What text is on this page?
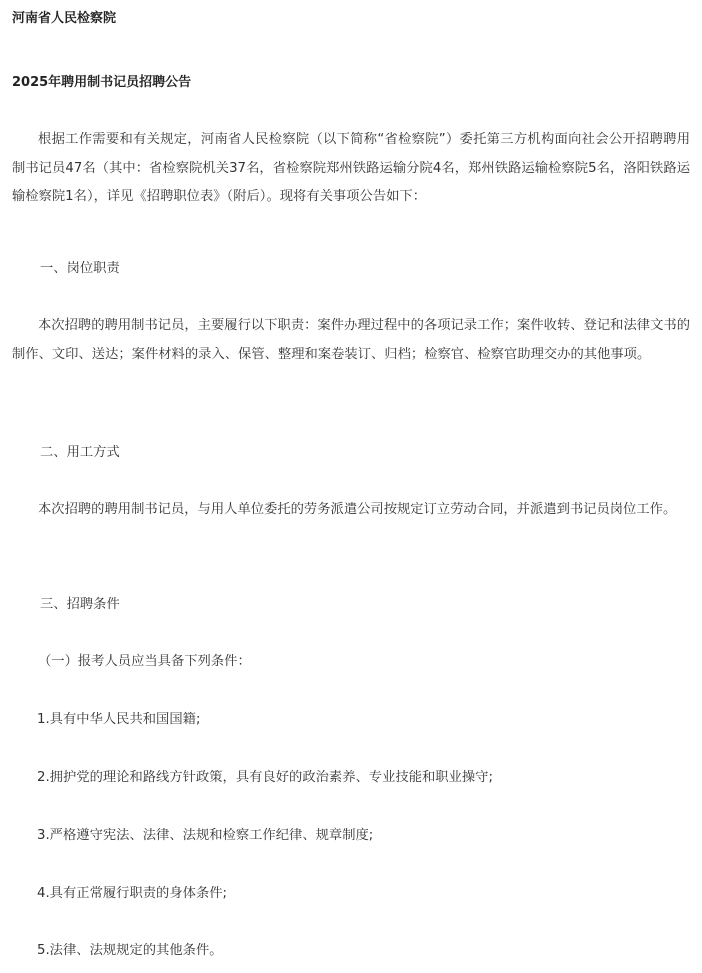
河南省人民检察院
2025年聘用制书记员招聘公告
根据工作需要和有关规定，河南省人民检察院（以下简称“省检察院”）委托第三方机构面向社会公开招聘聘用制书记员47名（其中：省检察院机关37名，省检察院郑州铁路运输分院4名，郑州铁路运输检察院5名，洛阳铁路运输检察院1名），详见《招聘职位表》（附后）。现将有关事项公告如下：
一、岗位职责
本次招聘的聘用制书记员，主要履行以下职责：案件办理过程中的各项记录工作；案件收转、登记和法律文书的制作、文印、送达；案件材料的录入、保管、整理和案卷装订、归档；检察官、检察官助理交办的其他事项。
二、用工方式
本次招聘的聘用制书记员，与用人单位委托的劳务派遣公司按规定订立劳动合同，并派遣到书记员岗位工作。
三、招聘条件
（一）报考人员应当具备下列条件：
1.具有中华人民共和国国籍;
2.拥护党的理论和路线方针政策，具有良好的政治素养、专业技能和职业操守;
3.严格遵守宪法、法律、法规和检察工作纪律、规章制度;
4.具有正常履行职责的身体条件;
5.法律、法规规定的其他条件。
